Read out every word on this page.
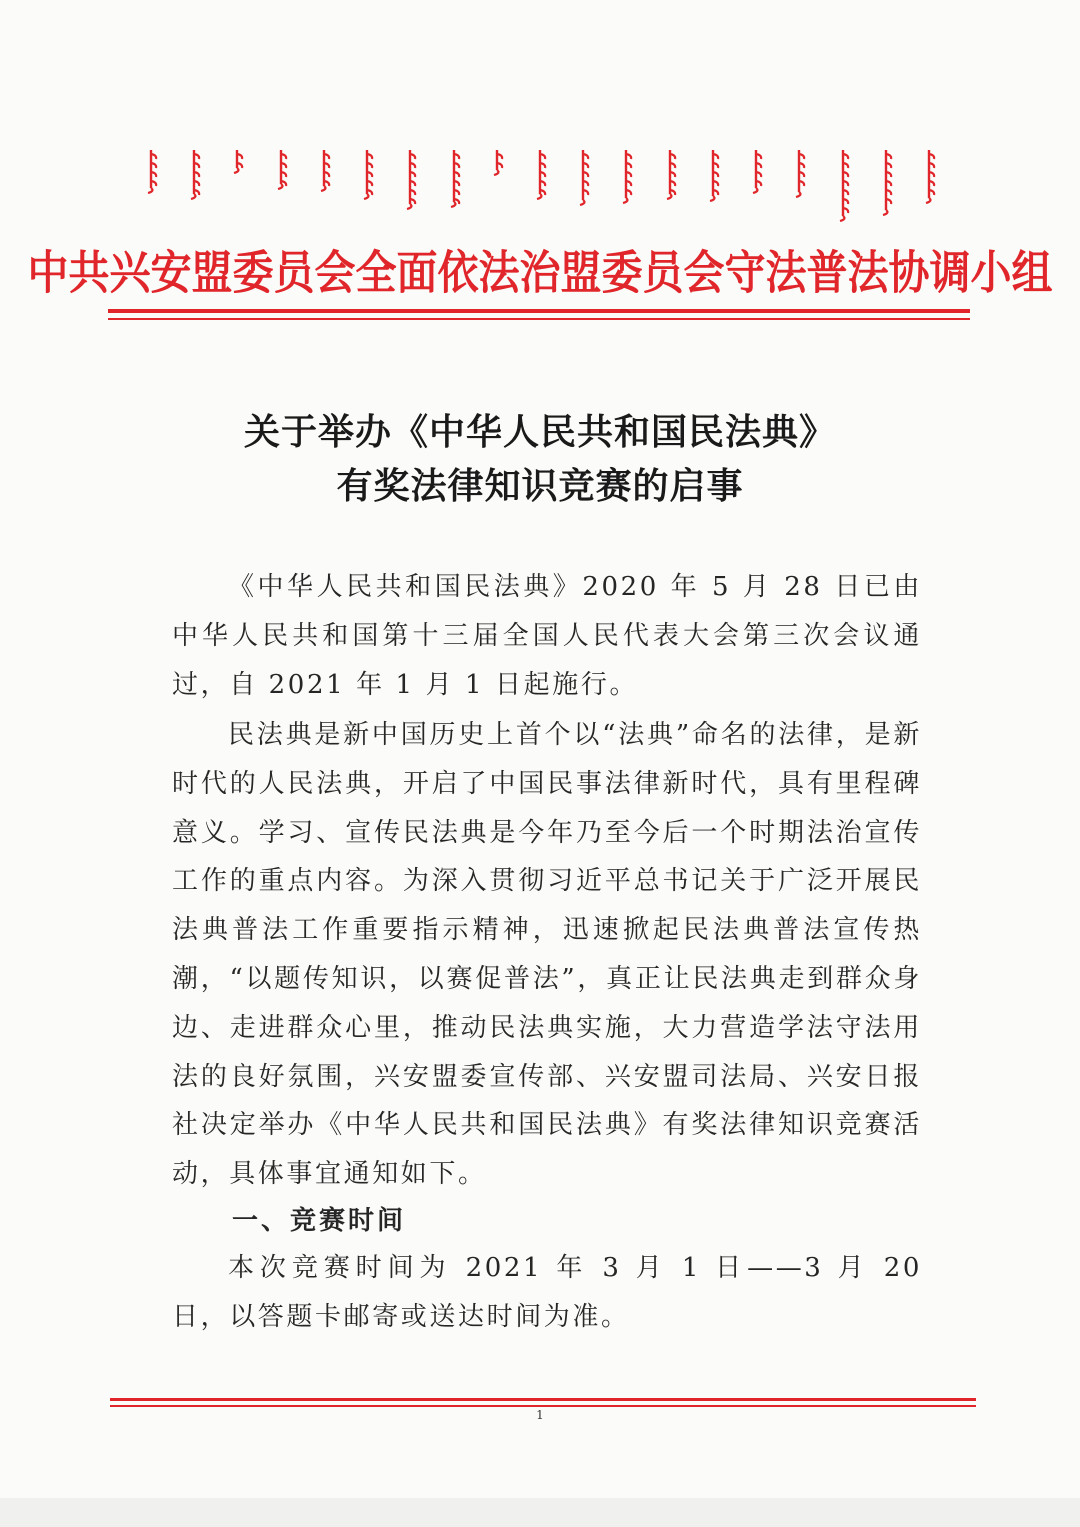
中共兴安盟委员会全面依法治盟委员会守法普法协调小组
关于举办《中华人民共和国民法典》
有奖法律知识竞赛的启事

《中华人民共和国民法典》2020 年 5 月 28 日已由中华人民共和国第十三届全国人民代表大会第三次会议通过，自 2021 年 1 月 1 日起施行。

民法典是新中国历史上首个以“法典”命名的法律，是新时代的人民法典，开启了中国民事法律新时代，具有里程碑意义。学习、宣传民法典是今年乃至今后一个时期法治宣传工作的重点内容。为深入贯彻习近平总书记关于广泛开展民法典普法工作重要指示精神，迅速掀起民法典普法宣传热潮，“以题传知识，以赛促普法”，真正让民法典走到群众身边、走进群众心里，推动民法典实施，大力营造学法守法用法的良好氛围，兴安盟委宣传部、兴安盟司法局、兴安日报社决定举办《中华人民共和国民法典》有奖法律知识竞赛活动，具体事宜通知如下。

一、竞赛时间

本次竞赛时间为 2021 年 3 月 1 日——3 月 20 日，以答题卡邮寄或送达时间为准。

1
